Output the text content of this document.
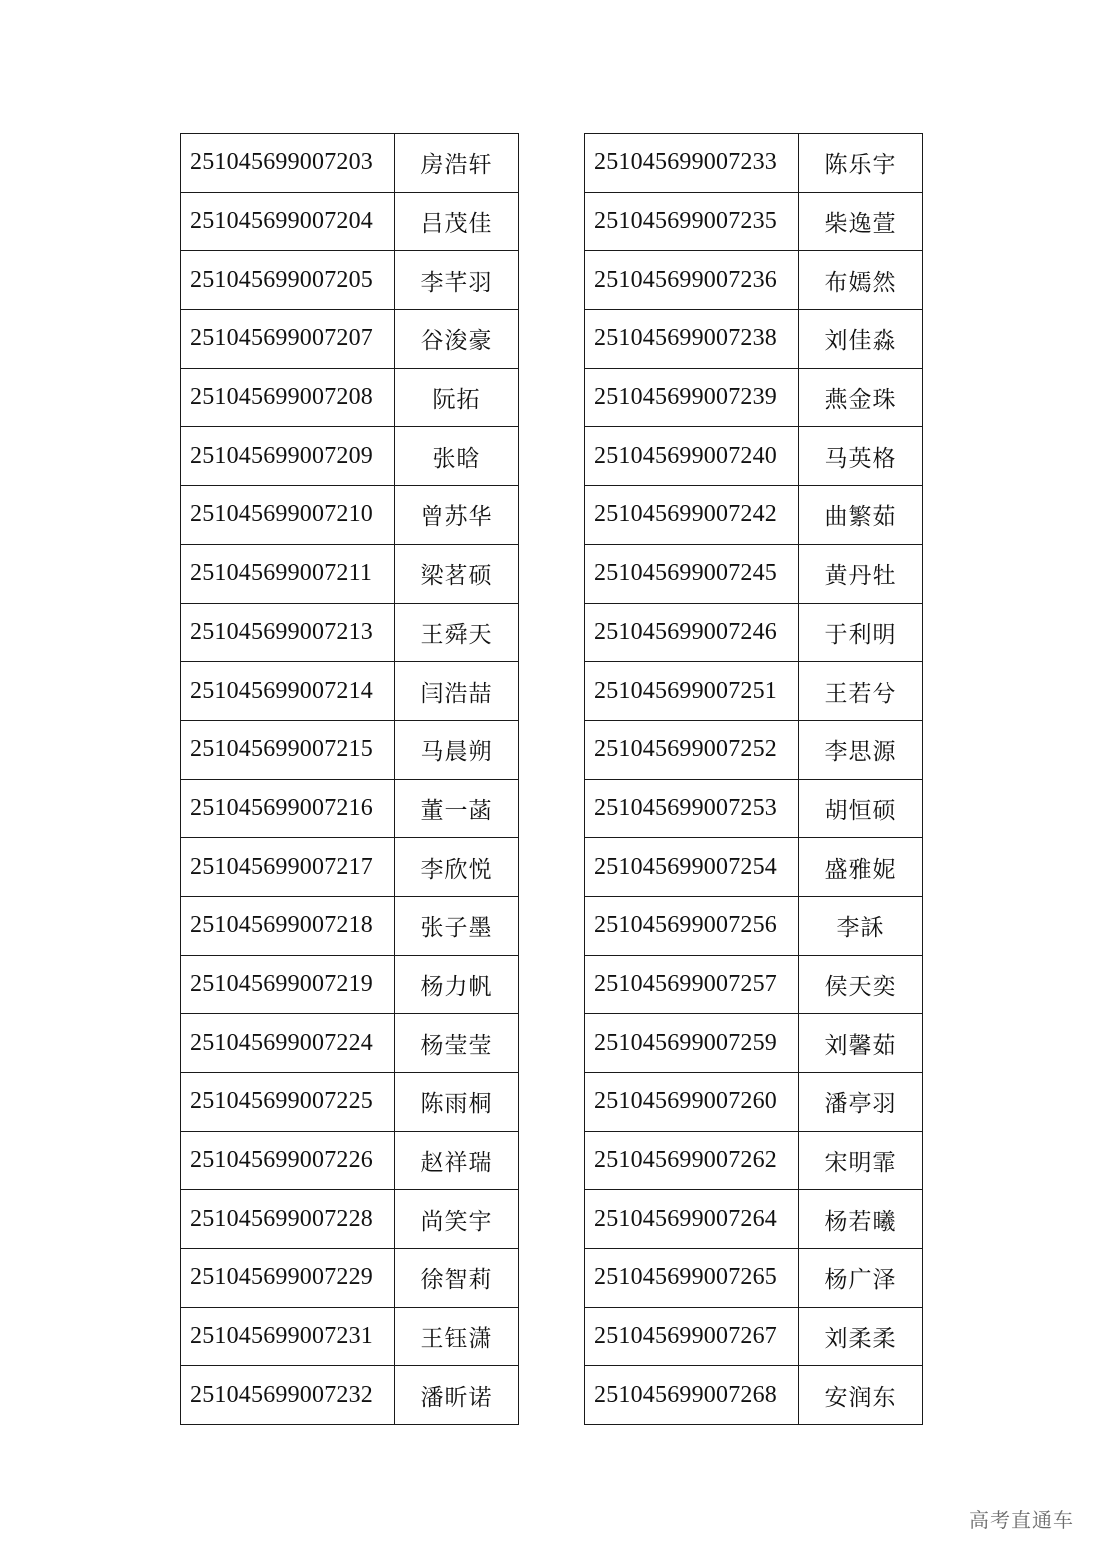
251045699007203	房浩轩
251045699007204	吕茂佳
251045699007205	李芊羽
251045699007207	谷浚豪
251045699007208	阮拓
251045699007209	张晗
251045699007210	曾苏华
251045699007211	梁茗硕
251045699007213	王舜天
251045699007214	闫浩喆
251045699007215	马晨朔
251045699007216	董一菡
251045699007217	李欣悦
251045699007218	张子墨
251045699007219	杨力帆
251045699007224	杨莹莹
251045699007225	陈雨桐
251045699007226	赵祥瑞
251045699007228	尚笑宇
251045699007229	徐智莉
251045699007231	王钰潇
251045699007232	潘昕诺
251045699007233	陈乐宇
251045699007235	柴逸萱
251045699007236	布嫣然
251045699007238	刘佳淼
251045699007239	燕金珠
251045699007240	马英格
251045699007242	曲繁茹
251045699007245	黄丹牡
251045699007246	于利明
251045699007251	王若兮
251045699007252	李思源
251045699007253	胡恒硕
251045699007254	盛雅妮
251045699007256	李訸
251045699007257	侯天奕
251045699007259	刘馨茹
251045699007260	潘亭羽
251045699007262	宋明霏
251045699007264	杨若曦
251045699007265	杨广泽
251045699007267	刘柔柔
251045699007268	安润东
高考直通车
